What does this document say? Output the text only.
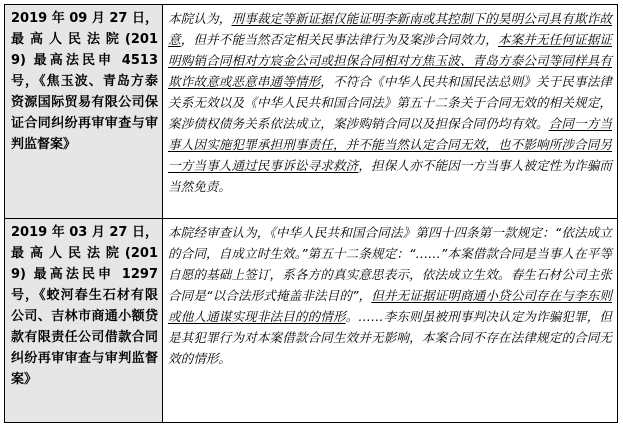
2019 年 09 月 27 日，最 高 人 民 法 院 (2019) 最高法民申 4513 号，《焦玉波、青岛方泰资源国际贸易有限公司保证合同纠纷再审审查与审判监督案》	本院认为，刑事裁定等新证据仅能证明李新南或其控制下的昊明公司具有欺诈故意，但并不能当然否定相关民事法律行为及案涉合同效力，本案并无任何证据证明购销合同相对方宸金公司或担保合同相对方焦玉波、青岛方泰公司等同样具有欺诈故意或恶意串通等情形，不符合《中华人民共和国民法总则》关于民事法律关系无效以及《中华人民共和国合同法》第五十二条关于合同无效的相关规定，案涉债权债务关系依法成立，案涉购销合同以及担保合同仍均有效。合同一方当事人因实施犯罪承担刑事责任，并不能当然认定合同无效，也不影响所涉合同另一方当事人通过民事诉讼寻求救济，担保人亦不能因一方当事人被定性为诈骗而当然免责。
2019 年 03 月 27 日，最 高 人 民 法 院 (2019) 最高法民申 1297 号，《蛟河春生石材有限公司、吉林市商通小额贷款有限责任公司借款合同纠纷再审审查与审判监督案》	本院经审查认为，《中华人民共和国合同法》第四十四条第一款规定：“依法成立的合同，自成立时生效。”第五十二条规定：“……”本案借款合同是当事人在平等自愿的基础上签订，系各方的真实意思表示，依法成立生效。春生石材公司主张合同是“以合法形式掩盖非法目的”，但并无证据证明商通小贷公司存在与李东则或他人通谋实现非法目的的情形。……李东则虽被刑事判决认定为诈骗犯罪，但是其犯罪行为对本案借款合同生效并无影响，本案合同不存在法律规定的合同无效的情形。
